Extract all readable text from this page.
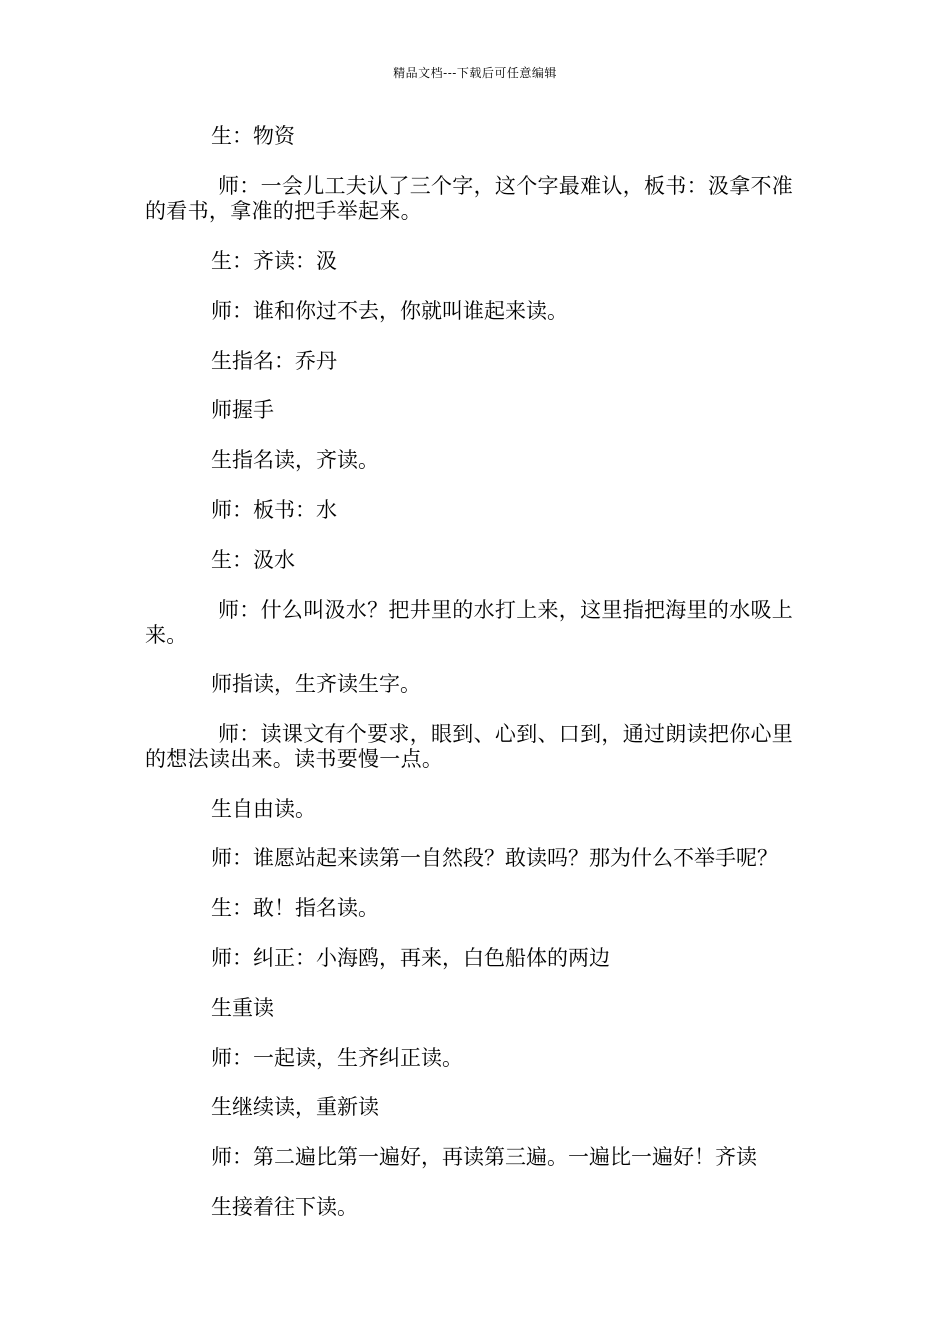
精品文档---下载后可任意编辑

生：物资

师：一会儿工夫认了三个字，这个字最难认，板书：汲拿不准的看书，拿准的把手举起来。

生：齐读：汲

师：谁和你过不去，你就叫谁起来读。

生指名：乔丹

师握手

生指名读，齐读。

师：板书：水

生：汲水

师：什么叫汲水？把井里的水打上来，这里指把海里的水吸上来。

师指读，生齐读生字。

师：读课文有个要求，眼到、心到、口到，通过朗读把你心里的想法读出来。读书要慢一点。

生自由读。

师：谁愿站起来读第一自然段？敢读吗？那为什么不举手呢？

生：敢！指名读。

师：纠正：小海鸥，再来，白色船体的两边

生重读

师：一起读，生齐纠正读。

生继续读，重新读

师：第二遍比第一遍好，再读第三遍。一遍比一遍好！齐读

生接着往下读。
